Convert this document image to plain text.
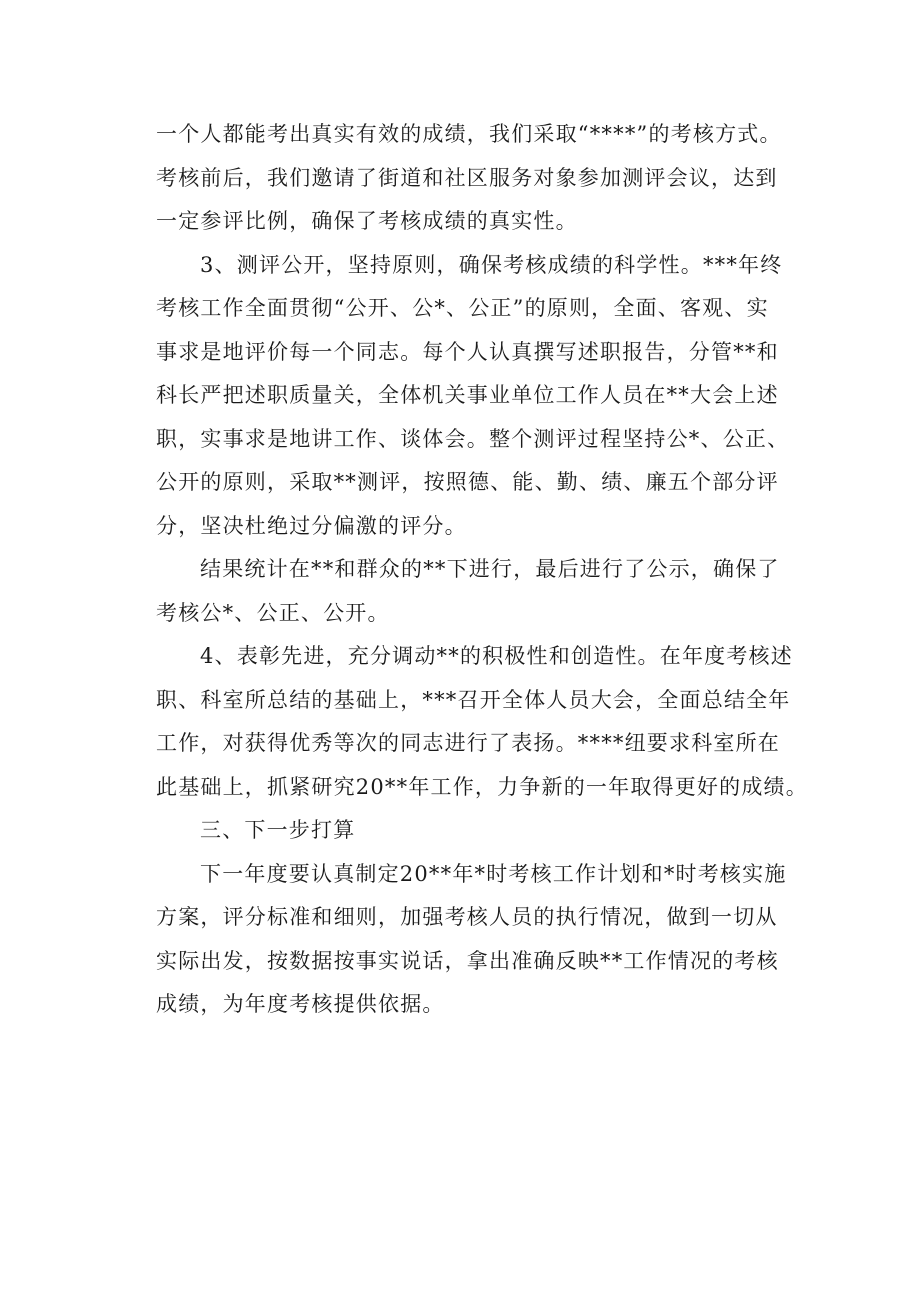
一个人都能考出真实有效的成绩，我们采取“****”的考核方式。
考核前后，我们邀请了街道和社区服务对象参加测评会议，达到
一定参评比例，确保了考核成绩的真实性。

3、测评公开，坚持原则，确保考核成绩的科学性。***年终
考核工作全面贯彻“公开、公*、公正”的原则，全面、客观、实
事求是地评价每一个同志。每个人认真撰写述职报告，分管**和
科长严把述职质量关，全体机关事业单位工作人员在**大会上述
职，实事求是地讲工作、谈体会。整个测评过程坚持公*、公正、
公开的原则，采取**测评，按照德、能、勤、绩、廉五个部分评
分，坚决杜绝过分偏激的评分。

结果统计在**和群众的**下进行，最后进行了公示，确保了
考核公*、公正、公开。

4、表彰先进，充分调动**的积极性和创造性。在年度考核述
职、科室所总结的基础上，***召开全体人员大会，全面总结全年
工作，对获得优秀等次的同志进行了表扬。****纽要求科室所在
此基础上，抓紧研究20**年工作，力争新的一年取得更好的成绩。

三、下一步打算

下一年度要认真制定20**年*时考核工作计划和*时考核实施
方案，评分标准和细则，加强考核人员的执行情况，做到一切从
实际出发，按数据按事实说话，拿出准确反映**工作情况的考核
成绩，为年度考核提供依据。
